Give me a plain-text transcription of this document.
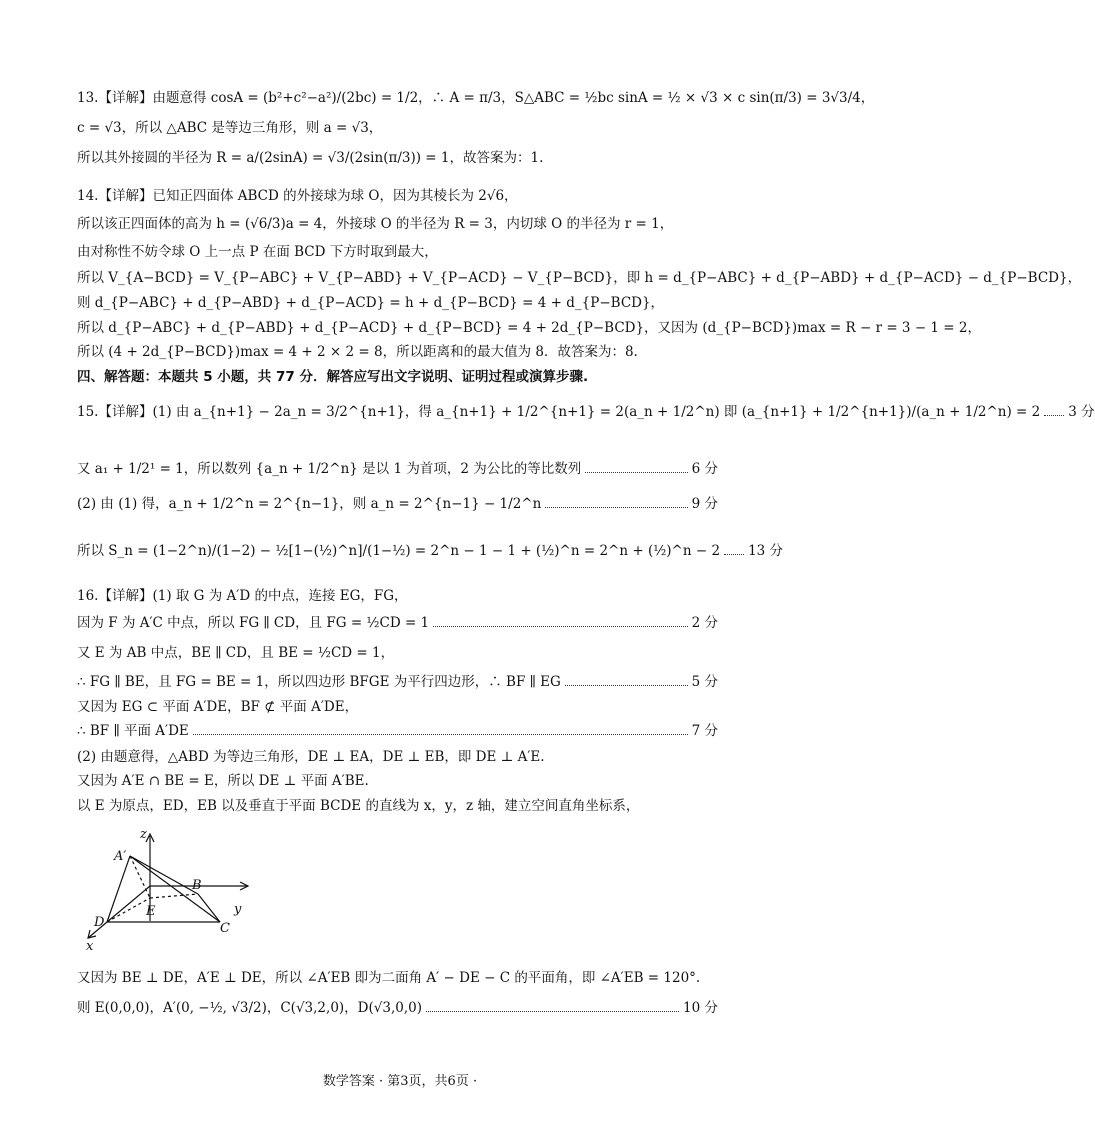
13.【详解】由题意得 cosA = (b²+c²−a²)/(2bc) = 1/2，∴ A = π/3，S△ABC = ½bc sinA = ½ × √3 × c sin(π/3) = 3√3/4，
c = √3，所以 △ABC 是等边三角形，则 a = √3，
所以其外接圆的半径为 R = a/(2sinA) = √3/(2sin(π/3)) = 1，故答案为：1.
14.【详解】已知正四面体 ABCD 的外接球为球 O，因为其棱长为 2√6，
所以该正四面体的高为 h = (√6/3)a = 4，外接球 O 的半径为 R = 3，内切球 O 的半径为 r = 1，
由对称性不妨令球 O 上一点 P 在面 BCD 下方时取到最大，
所以 V_{A−BCD} = V_{P−ABC} + V_{P−ABD} + V_{P−ACD} − V_{P−BCD}，即 h = d_{P−ABC} + d_{P−ABD} + d_{P−ACD} − d_{P−BCD}，
则 d_{P−ABC} + d_{P−ABD} + d_{P−ACD} = h + d_{P−BCD} = 4 + d_{P−BCD}，
所以 d_{P−ABC} + d_{P−ABD} + d_{P−ACD} + d_{P−BCD} = 4 + 2d_{P−BCD}，又因为 (d_{P−BCD})max = R − r = 3 − 1 = 2，
所以 (4 + 2d_{P−BCD})max = 4 + 2 × 2 = 8，所以距离和的最大值为 8．故答案为：8.
四、解答题：本题共 5 小题，共 77 分．解答应写出文字说明、证明过程或演算步骤.
15.【详解】(1) 由 a_{n+1} − 2a_n = 3/2^{n+1}，得 a_{n+1} + 1/2^{n+1} = 2(a_n + 1/2^n) 即 (a_{n+1} + 1/2^{n+1})/(a_n + 1/2^n) = 2 3 分
又 a₁ + 1/2¹ = 1，所以数列 {a_n + 1/2^n} 是以 1 为首项，2 为公比的等比数列	6 分
(2) 由 (1) 得，a_n + 1/2^n = 2^{n−1}，则 a_n = 2^{n−1} − 1/2^n	9 分
所以 S_n = (1−2^n)/(1−2) − ½[1−(½)^n]/(1−½) = 2^n − 1 − 1 + (½)^n = 2^n + (½)^n − 2 13 分
16.【详解】(1) 取 G 为 A′D 的中点，连接 EG，FG，
因为 F 为 A′C 中点，所以 FG ∥ CD，且 FG = ½CD = 1	2 分
又 E 为 AB 中点，BE ∥ CD，且 BE = ½CD = 1，
∴ FG ∥ BE，且 FG = BE = 1，所以四边形 BFGE 为平行四边形，∴ BF ∥ EG	5 分
又因为 EG ⊂ 平面 A′DE，BF ⊄ 平面 A′DE，
∴ BF ∥ 平面 A′DE	7 分
(2) 由题意得，△ABD 为等边三角形，DE ⊥ EA，DE ⊥ EB，即 DE ⊥ A′E.
又因为 A′E ∩ BE = E，所以 DE ⊥ 平面 A′BE.
以 E 为原点，ED，EB 以及垂直于平面 BCDE 的直线为 x，y，z 轴，建立空间直角坐标系，
z
A′
B
E	y
D	C
x
又因为 BE ⊥ DE，A′E ⊥ DE，所以 ∠A′EB 即为二面角 A′ − DE − C 的平面角，即 ∠A′EB = 120°.
则 E(0,0,0)，A′(0, −½, √3/2)，C(√3,2,0)，D(√3,0,0)	10 分
数学答案 · 第3页，共6页 ·
